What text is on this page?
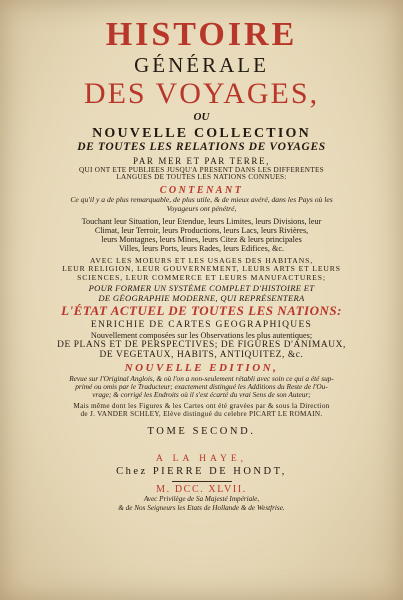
HISTOIRE
GÉNÉRALE
DES VOYAGES,
OU
NOUVELLE COLLECTION
DE TOUTES LES RELATIONS DE VOYAGES
PAR MER ET PAR TERRE,
QUI ONT ÉTÉ PUBLIÉES JUSQU'À PRÉSENT DANS LES DIFFÉRENTES
LANGUES DE TOUTES LES NATIONS CONNUES:
CONTENANT
Ce qu'il y a de plus remarquable, de plus utile, & de mieux avéré, dans les Pays où les
Voyageurs ont pénétré,
Touchant leur Situation, leur Etendue, leurs Limites, leurs Divisions, leur
Climat, leur Terroir, leurs Productions, leurs Lacs, leurs Rivières,
leurs Montagnes, leurs Mines, leurs Citez & leurs principales
Villes, leurs Ports, leurs Rades, leurs Edifices, &c.
AVEC LES MOEURS ET LES USAGES DES HABITANS,
LEUR RELIGION, LEUR GOUVERNEMENT, LEURS ARTS ET LEURS
SCIENCES, LEUR COMMERCE ET LEURS MANUFACTURES;
POUR FORMER UN SYSTÈME COMPLET D'HISTOIRE ET
DE GÉOGRAPHIE MODERNE, QUI REPRÉSENTERA
L'ÉTAT ACTUEL DE TOUTES LES NATIONS:
ENRICHIE DE CARTES GÉOGRAPHIQUES
Nouvellement composées sur les Observations les plus autentiques;
DE PLANS ET DE PERSPECTIVES; DE FIGURES D'ANIMAUX,
DE VÉGÉTAUX, HABITS, ANTIQUITEZ, &c.
NOUVELLE EDITION,
Revue sur l'Original Anglois, & où l'on a non-seulement rétabli avec soin ce qui a été sup-
primé ou omis par le Traducteur; exactement distingué les Additions du Reste de l'Ou-
vrage; & corrigé les Endroits où il s'est écarté du vrai Sens de son Auteur;
Mais même dont les Figures & les Cartes ont été gravées par & sous la Direction
de J. VANDER SCHLEY, Elève distingué du celebre PICART LE ROMAIN.
TOME SECOND.
A LA HAYE,
Chez PIERRE DE HONDT,
M. DCC. XLVII.
Avec Privilège de Sa Majesté Impériale,
& de Nos Seigneurs les Etats de Hollande & de Westfrise.
